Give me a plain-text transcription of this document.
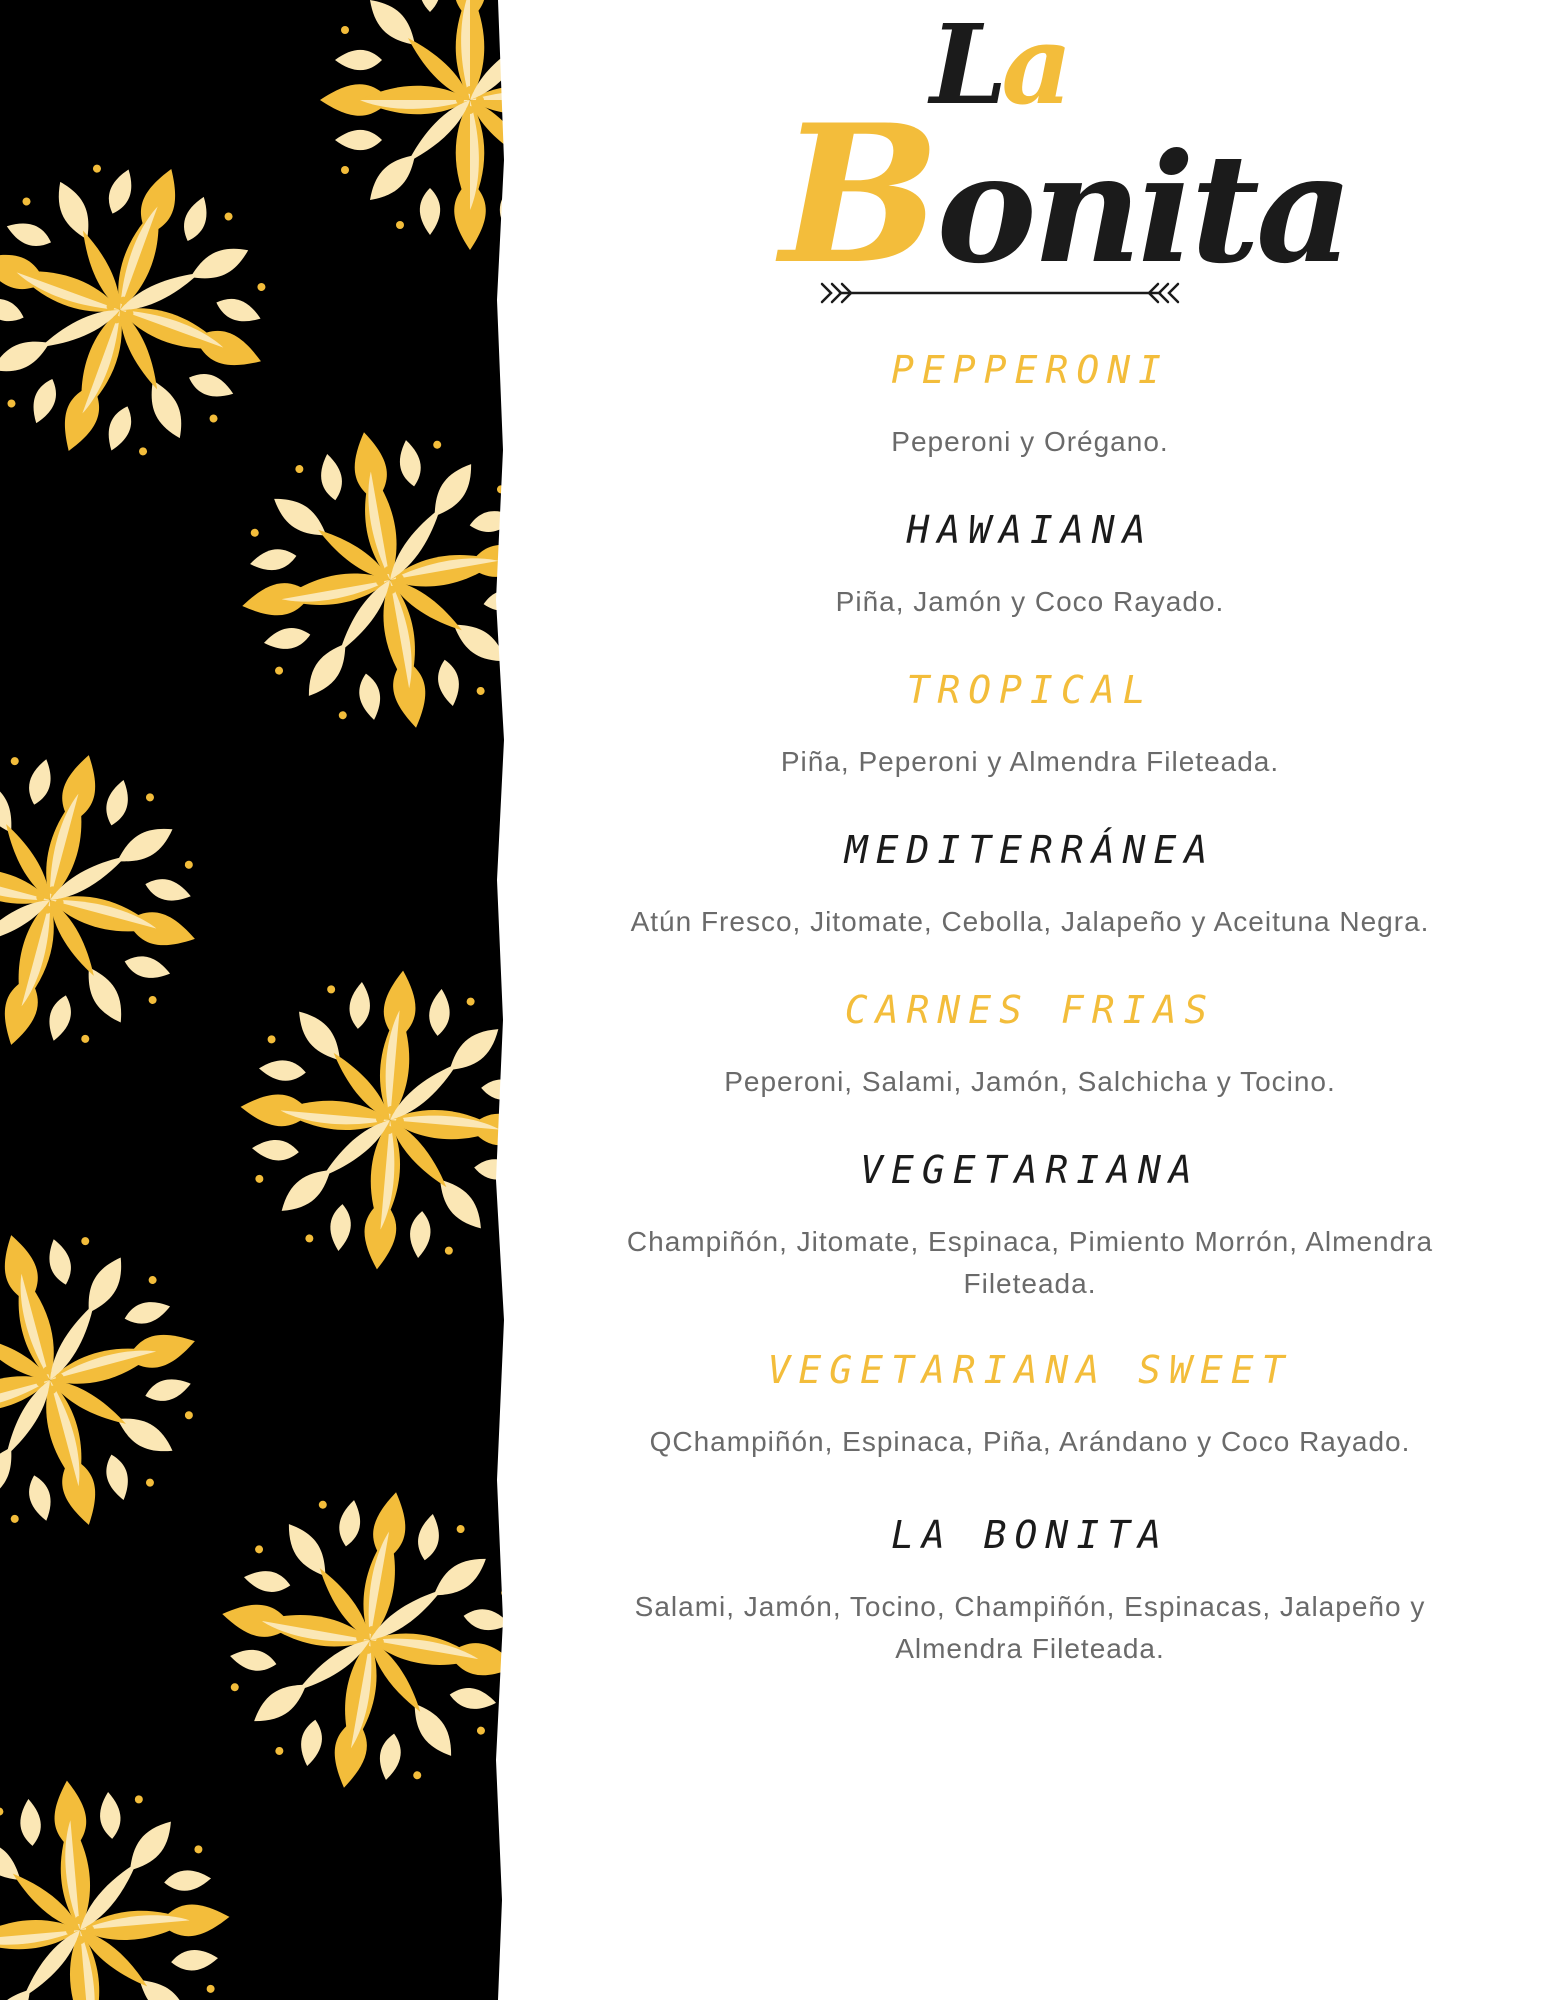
La
Bonita

PEPPERONI

Peperoni y Orégano.

HAWAIANA

Piña, Jamón y Coco Rayado.

TROPICAL

Piña, Peperoni y Almendra Fileteada.

MEDITERRÁNEA

Atún Fresco, Jitomate, Cebolla, Jalapeño y Aceituna Negra.

CARNES FRIAS

Peperoni, Salami, Jamón, Salchicha y Tocino.

VEGETARIANA

Champiñón, Jitomate, Espinaca, Pimiento Morrón, Almendra Fileteada.

VEGETARIANA SWEET

QChampiñón, Espinaca, Piña, Arándano y Coco Rayado.

LA BONITA

Salami, Jamón, Tocino, Champiñón, Espinacas, Jalapeño y Almendra Fileteada.
